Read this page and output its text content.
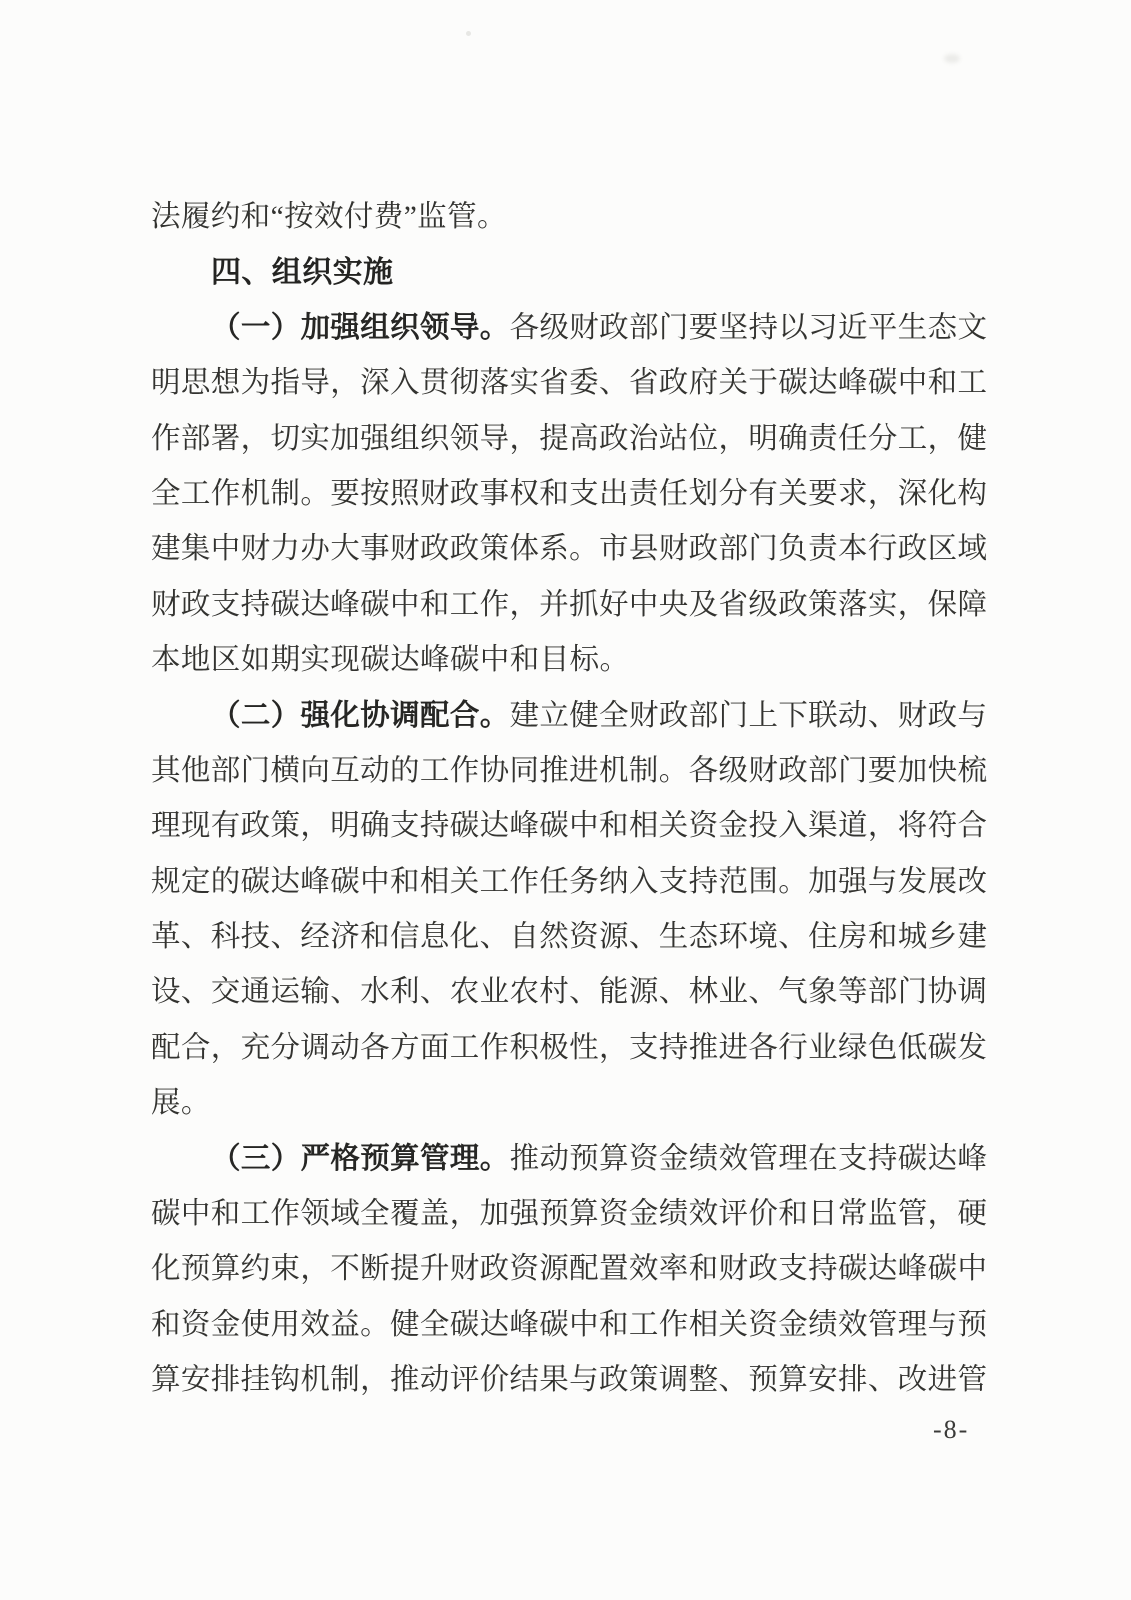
法履约和“按效付费”监管。
四、组织实施
（一）加强组织领导。各级财政部门要坚持以习近平生态文
明思想为指导，深入贯彻落实省委、省政府关于碳达峰碳中和工
作部署，切实加强组织领导，提高政治站位，明确责任分工，健
全工作机制。要按照财政事权和支出责任划分有关要求，深化构
建集中财力办大事财政政策体系。市县财政部门负责本行政区域
财政支持碳达峰碳中和工作，并抓好中央及省级政策落实，保障
本地区如期实现碳达峰碳中和目标。
（二）强化协调配合。建立健全财政部门上下联动、财政与
其他部门横向互动的工作协同推进机制。各级财政部门要加快梳
理现有政策，明确支持碳达峰碳中和相关资金投入渠道，将符合
规定的碳达峰碳中和相关工作任务纳入支持范围。加强与发展改
革、科技、经济和信息化、自然资源、生态环境、住房和城乡建
设、交通运输、水利、农业农村、能源、林业、气象等部门协调
配合，充分调动各方面工作积极性，支持推进各行业绿色低碳发
展。
（三）严格预算管理。推动预算资金绩效管理在支持碳达峰
碳中和工作领域全覆盖，加强预算资金绩效评价和日常监管，硬
化预算约束，不断提升财政资源配置效率和财政支持碳达峰碳中
和资金使用效益。健全碳达峰碳中和工作相关资金绩效管理与预
算安排挂钩机制，推动评价结果与政策调整、预算安排、改进管
-8-
